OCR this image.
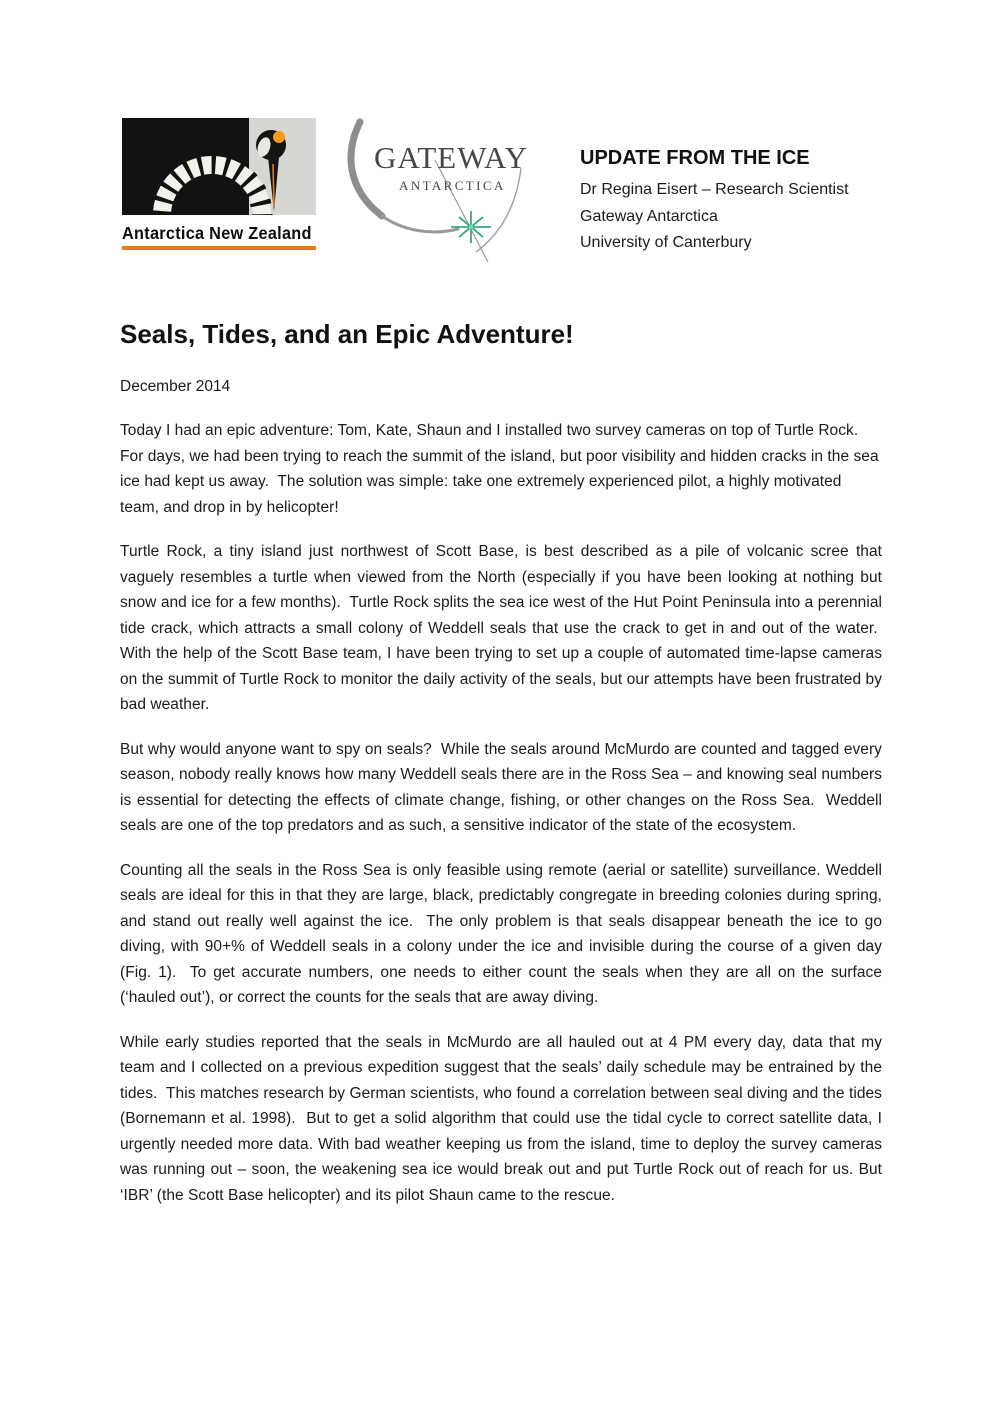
Antarctica New Zealand
GATEWAY
ANTARCTICA
UPDATE FROM THE ICE
Dr Regina Eisert – Research Scientist
Gateway Antarctica
University of Canterbury
Seals, Tides, and an Epic Adventure!
December 2014

Today I had an epic adventure: Tom, Kate, Shaun and I installed two survey cameras on top of Turtle Rock.  For days, we had been trying to reach the summit of the island, but poor visibility and hidden cracks in the sea ice had kept us away.  The solution was simple: take one extremely experienced pilot, a highly motivated team, and drop in by helicopter!

Turtle Rock, a tiny island just northwest of Scott Base, is best described as a pile of volcanic scree that vaguely resembles a turtle when viewed from the North (especially if you have been looking at nothing but snow and ice for a few months).  Turtle Rock splits the sea ice west of the Hut Point Peninsula into a perennial tide crack, which attracts a small colony of Weddell seals that use the crack to get in and out of the water.  With the help of the Scott Base team, I have been trying to set up a couple of automated time-lapse cameras on the summit of Turtle Rock to monitor the daily activity of the seals, but our attempts have been frustrated by bad weather.

But why would anyone want to spy on seals?  While the seals around McMurdo are counted and tagged every season, nobody really knows how many Weddell seals there are in the Ross Sea – and knowing seal numbers is essential for detecting the effects of climate change, fishing, or other changes on the Ross Sea.  Weddell seals are one of the top predators and as such, a sensitive indicator of the state of the ecosystem.

Counting all the seals in the Ross Sea is only feasible using remote (aerial or satellite) surveillance. Weddell seals are ideal for this in that they are large, black, predictably congregate in breeding colonies during spring, and stand out really well against the ice.  The only problem is that seals disappear beneath the ice to go diving, with 90+% of Weddell seals in a colony under the ice and invisible during the course of a given day (Fig. 1).  To get accurate numbers, one needs to either count the seals when they are all on the surface (‘hauled out’), or correct the counts for the seals that are away diving.

While early studies reported that the seals in McMurdo are all hauled out at 4 PM every day, data that my team and I collected on a previous expedition suggest that the seals’ daily schedule may be entrained by the tides.  This matches research by German scientists, who found a correlation between seal diving and the tides (Bornemann et al. 1998).  But to get a solid algorithm that could use the tidal cycle to correct satellite data, I urgently needed more data. With bad weather keeping us from the island, time to deploy the survey cameras was running out – soon, the weakening sea ice would break out and put Turtle Rock out of reach for us. But ‘IBR’ (the Scott Base helicopter) and its pilot Shaun came to the rescue.
